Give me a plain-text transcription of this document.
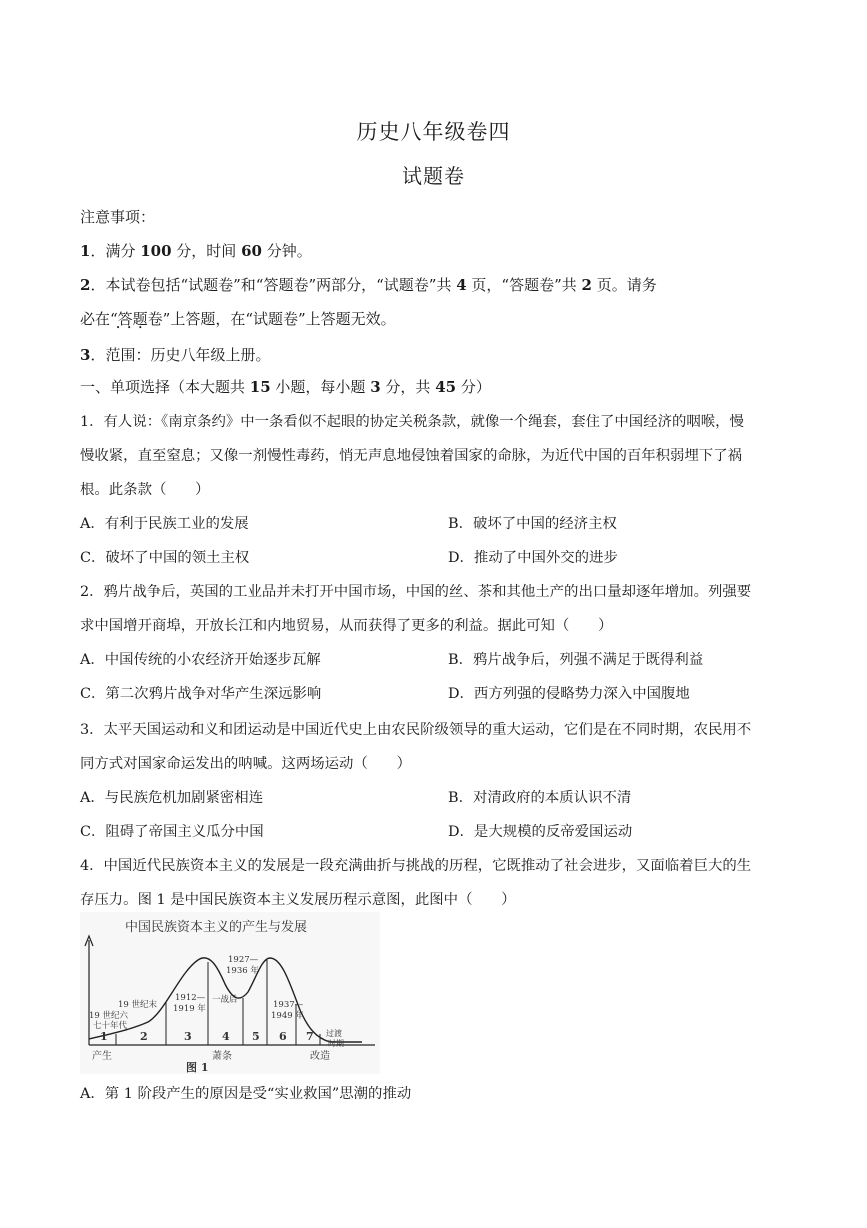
历史八年级卷四
试题卷
注意事项：
1．满分 100 分，时间 60 分钟。
2．本试卷包括“试题卷”和“答题卷”两部分，“试题卷”共 4 页，“答题卷”共 2 页。请务
必在“答题卷”上答题，在“试题卷”上答题无效。 • • •
3．范围：历史八年级上册。
一、单项选择（本大题共 15 小题，每小题 3 分，共 45 分）
1．有人说：《南京条约》中一条看似不起眼的协定关税条款，就像一个绳套，套住了中国经济的咽喉，慢
慢收紧，直至窒息；又像一剂慢性毒药，悄无声息地侵蚀着国家的命脉，为近代中国的百年积弱埋下了祸
根。此条款（　　）
A．有利于民族工业的发展	B．破坏了中国的经济主权
C．破坏了中国的领土主权	D．推动了中国外交的进步
2．鸦片战争后，英国的工业品并未打开中国市场，中国的丝、茶和其他土产的出口量却逐年增加。列强要
求中国增开商埠，开放长江和内地贸易，从而获得了更多的利益。据此可知（　　）
A．中国传统的小农经济开始逐步瓦解	B．鸦片战争后，列强不满足于既得利益
C．第二次鸦片战争对华产生深远影响	D．西方列强的侵略势力深入中国腹地
3．太平天国运动和义和团运动是中国近代史上由农民阶级领导的重大运动，它们是在不同时期，农民用不
同方式对国家命运发出的呐喊。这两场运动（　　）
A．与民族危机加剧紧密相连	B．对清政府的本质认识不清
C．阻碍了帝国主义瓜分中国	D．是大规模的反帝爱国运动
4．中国近代民族资本主义的发展是一段充满曲折与挑战的历程，它既推动了社会进步，又面临着巨大的生
存压力。图 1 是中国民族资本主义发展历程示意图，此图中（　　）
中国民族资本主义的产生与发展
1	2	3	4 5 6 7
19 世纪六
七十年代
19 世纪末
1912—
1919 年
一战后
1927—
1936 年
1937—
1949 年
过渡
时期
产生	萧条	改造
图 1
A．第 1 阶段产生的原因是受“实业救国”思潮的推动
